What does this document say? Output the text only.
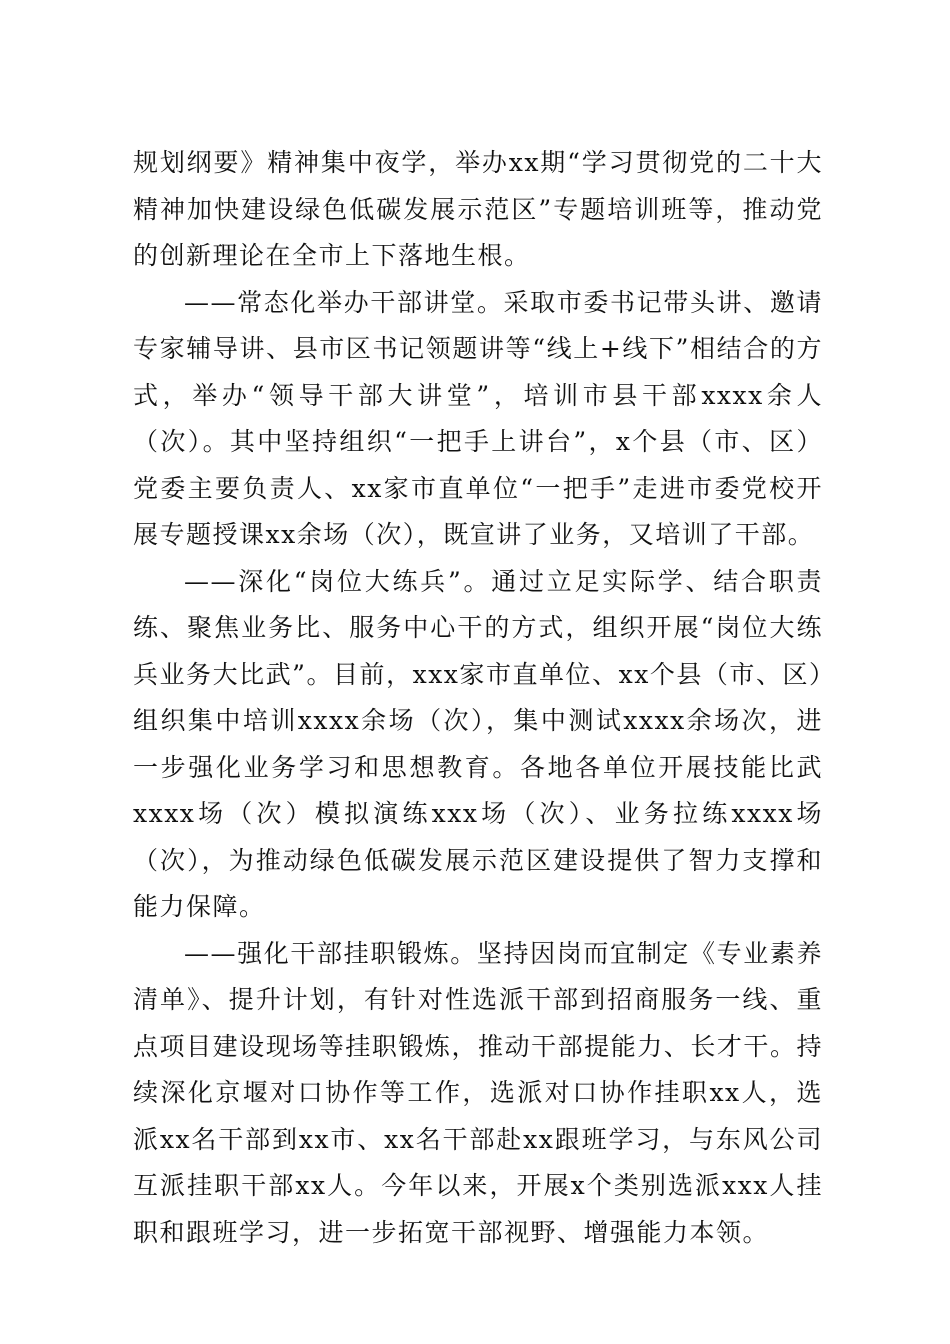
规划纲要》精神集中夜学，举办xx期“学习贯彻党的二十大精神加快建设绿色低碳发展示范区”专题培训班等，推动党的创新理论在全市上下落地生根。

——常态化举办干部讲堂。采取市委书记带头讲、邀请专家辅导讲、县市区书记领题讲等“线上+线下”相结合的方式，举办“领导干部大讲堂”，培训市县干部xxxx余人（次）。其中坚持组织“一把手上讲台”，x个县（市、区）党委主要负责人、xx家市直单位“一把手”走进市委党校开展专题授课xx余场（次），既宣讲了业务，又培训了干部。

——深化“岗位大练兵”。通过立足实际学、结合职责练、聚焦业务比、服务中心干的方式，组织开展“岗位大练兵业务大比武”。目前，xxx家市直单位、xx个县（市、区）组织集中培训xxxx余场（次），集中测试xxxx余场次，进一步强化业务学习和思想教育。各地各单位开展技能比武xxxx场（次）模拟演练xxx场（次）、业务拉练xxxx场（次），为推动绿色低碳发展示范区建设提供了智力支撑和能力保障。

——强化干部挂职锻炼。坚持因岗而宜制定《专业素养清单》、提升计划，有针对性选派干部到招商服务一线、重点项目建设现场等挂职锻炼，推动干部提能力、长才干。持续深化京堰对口协作等工作，选派对口协作挂职xx人，选派xx名干部到xx市、xx名干部赴xx跟班学习，与东风公司互派挂职干部xx人。今年以来，开展x个类别选派xxx人挂职和跟班学习，进一步拓宽干部视野、增强能力本领。
